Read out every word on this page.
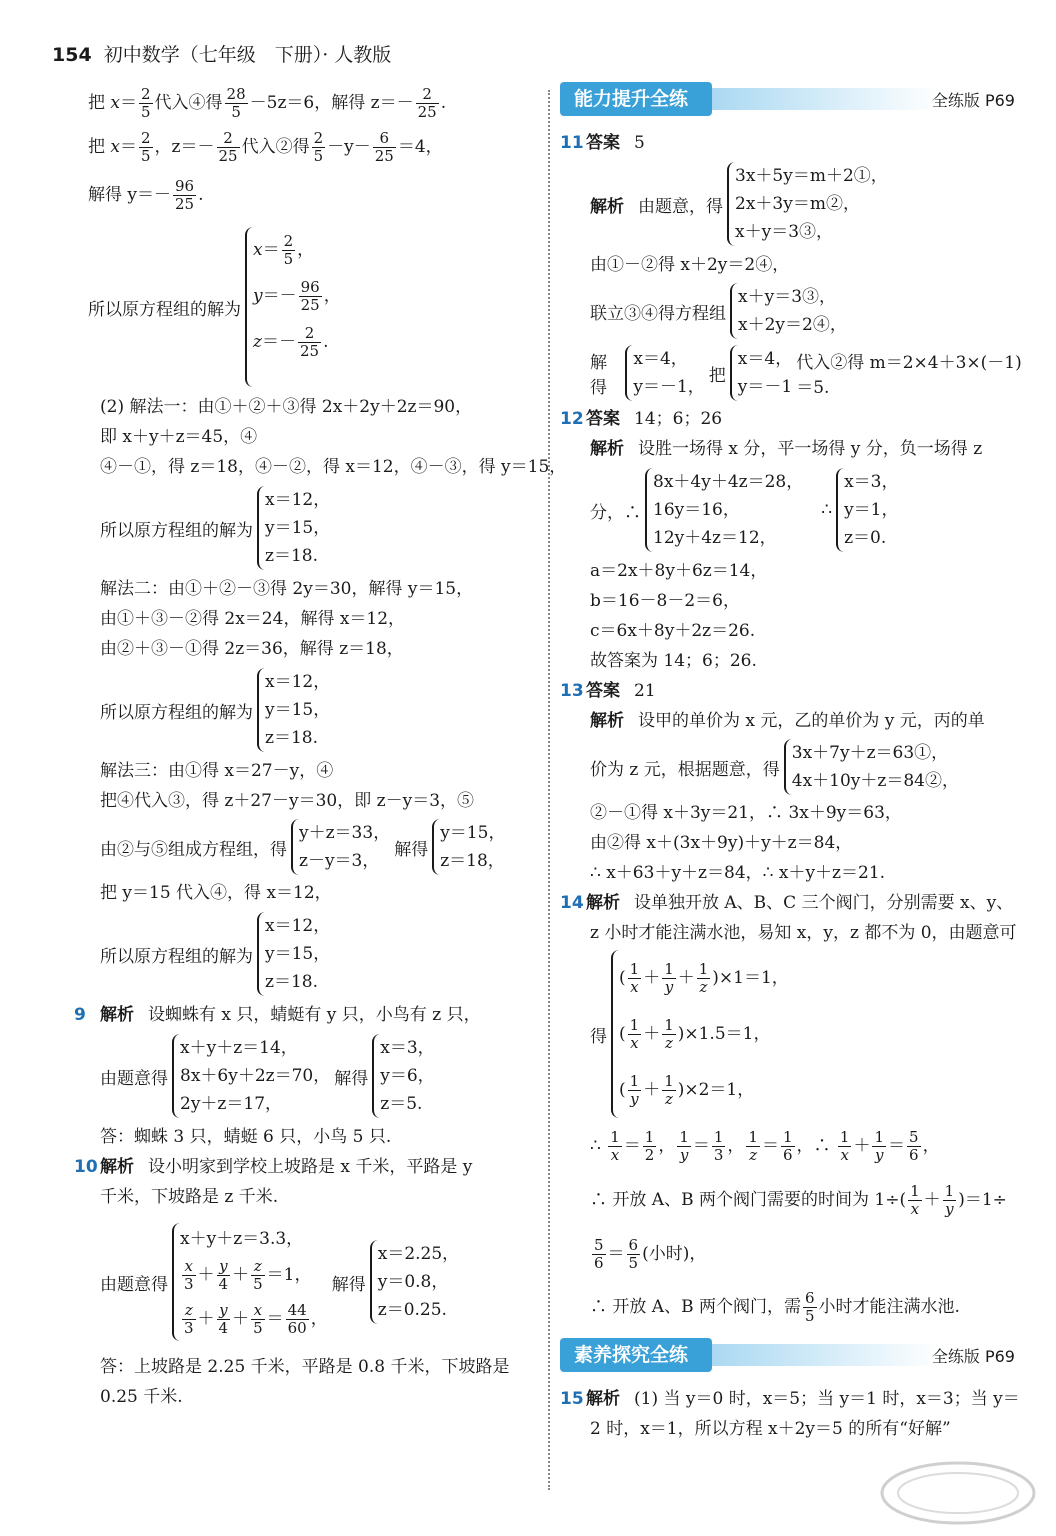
154 初中数学（七年级　下册）· 人教版
把 $x= \frac{2}{5}$ 代入④得 $\frac{28}{5} -5z=6$，解得 $z=- \frac{2}{25}$ .
把 $x= \frac{2}{5}$ ，$z=- \frac{2}{25}$ 代入②得 $\frac{2}{5} -y- \frac{6}{25} =4$，
解得 $y=- \frac{96}{25}$ .
所以原方程组的解为
$x= \frac{2}{5}$ ，
$y=- \frac{96}{25}$ ，
$z=- \frac{2}{25}$ .
(2) 解法一：由①＋②＋③得 2x＋2y＋2z＝90，
即 x＋y＋z＝45，④
④－①，得 z＝18，④－②，得 x＝12，④－③，得 y＝15，
所以原方程组的解为
x＝12，
y＝15，
z＝18.
解法二：由①＋②－③得 2y＝30，解得 y＝15，
由①＋③－②得 2x＝24，解得 x＝12，
由②＋③－①得 2z＝36，解得 z＝18，
所以原方程组的解为
x＝12，
y＝15，
z＝18.
解法三：由①得 x＝27－y，④
把④代入③，得 z＋27－y＝30，即 z－y＝3，⑤
由②与⑤组成方程组，得
y＋z＝33，
z－y＝3，
解得
y＝15，
z＝18，
把 y＝15 代入④，得 x＝12，
所以原方程组的解为
x＝12，
y＝15，
z＝18.
9 解析 设蜘蛛有 x 只，蜻蜓有 y 只，小鸟有 z 只，
由题意得
x＋y＋z＝14，
8x＋6y＋2z＝70，
2y＋z＝17，
解得
x＝3，
y＝6，
z＝5.
答：蜘蛛 3 只，蜻蜓 6 只，小鸟 5 只.
10 解析 设小明家到学校上坡路是 x 千米，平路是 y
千米，下坡路是 z 千米.
由题意得
x＋y＋z＝3.3，
$\frac{x}{3} + \frac{y}{4} + \frac{z}{5} =1$，
$\frac{z}{3} + \frac{y}{4} + \frac{x}{5} = \frac{44}{60}$ ，
解得
x＝2.25，
y＝0.8，
z＝0.25.
答：上坡路是 2.25 千米，平路是 0.8 千米，下坡路是
0.25 千米.
能力提升全练	全练版 P69
11 答案 5
解析 由题意，得
3x＋5y＝m＋2①，
2x＋3y＝m②，
x＋y＝3③，
由①－②得 x＋2y＝2④，
联立③④得方程组
x＋y＝3③，
x＋2y＝2④，
解得
x＝4，
y＝－1，
把
x＝4，
y＝－1
代入②得 m＝2×4＋3×(－1)＝5.
12 答案 14；6；26
解析 设胜一场得 x 分，平一场得 y 分，负一场得 z
分，∴
8x＋4y＋4z＝28，
16y＝16，
12y＋4z＝12，
∴
x＝3，
y＝1，
z＝0.
a＝2x＋8y＋6z＝14，
b＝16－8－2＝6，
c＝6x＋8y＋2z＝26.
故答案为 14；6；26.
13 答案 21
解析 设甲的单价为 x 元，乙的单价为 y 元，丙的单
价为 z 元，根据题意，得
3x＋7y＋z＝63①，
4x＋10y＋z＝84②，
②－①得 x＋3y＝21，∴ 3x＋9y＝63，
由②得 x＋(3x＋9y)＋y＋z＝84，
∴ x＋63＋y＋z＝84，∴ x＋y＋z＝21.
14 解析 设单独开放 A、B、C 三个阀门，分别需要 x、y、
z 小时才能注满水池，易知 x，y，z 都不为 0，由题意可
得
( $\frac{1}{x} + \frac{1}{y} + \frac{1}{z} )\times 1=1$，
( $\frac{1}{x} + \frac{1}{z} )\times 1.5=1$，
( $\frac{1}{y} + \frac{1}{z} )\times 2=1$，
∴ $\frac{1}{x} = \frac{1}{2}$ ， $\frac{1}{y} = \frac{1}{3}$ ， $\frac{1}{z} = \frac{1}{6}$ ，∴ $\frac{1}{x} + \frac{1}{y} = \frac{5}{6}$ ，
∴ 开放 A、B 两个阀门需要的时间为 $1\div( \frac{1}{x} + \frac{1}{y} )=1\div$
$\frac{5}{6} = \frac{6}{5}$ (小时)，
∴ 开放 A、B 两个阀门，需 $\frac{6}{5}$ 小时才能注满水池.
素养探究全练	全练版 P69
15 解析 (1) 当 y＝0 时，x＝5；当 y＝1 时，x＝3；当 y＝
2 时，x＝1，所以方程 x＋2y＝5 的所有“好解”
